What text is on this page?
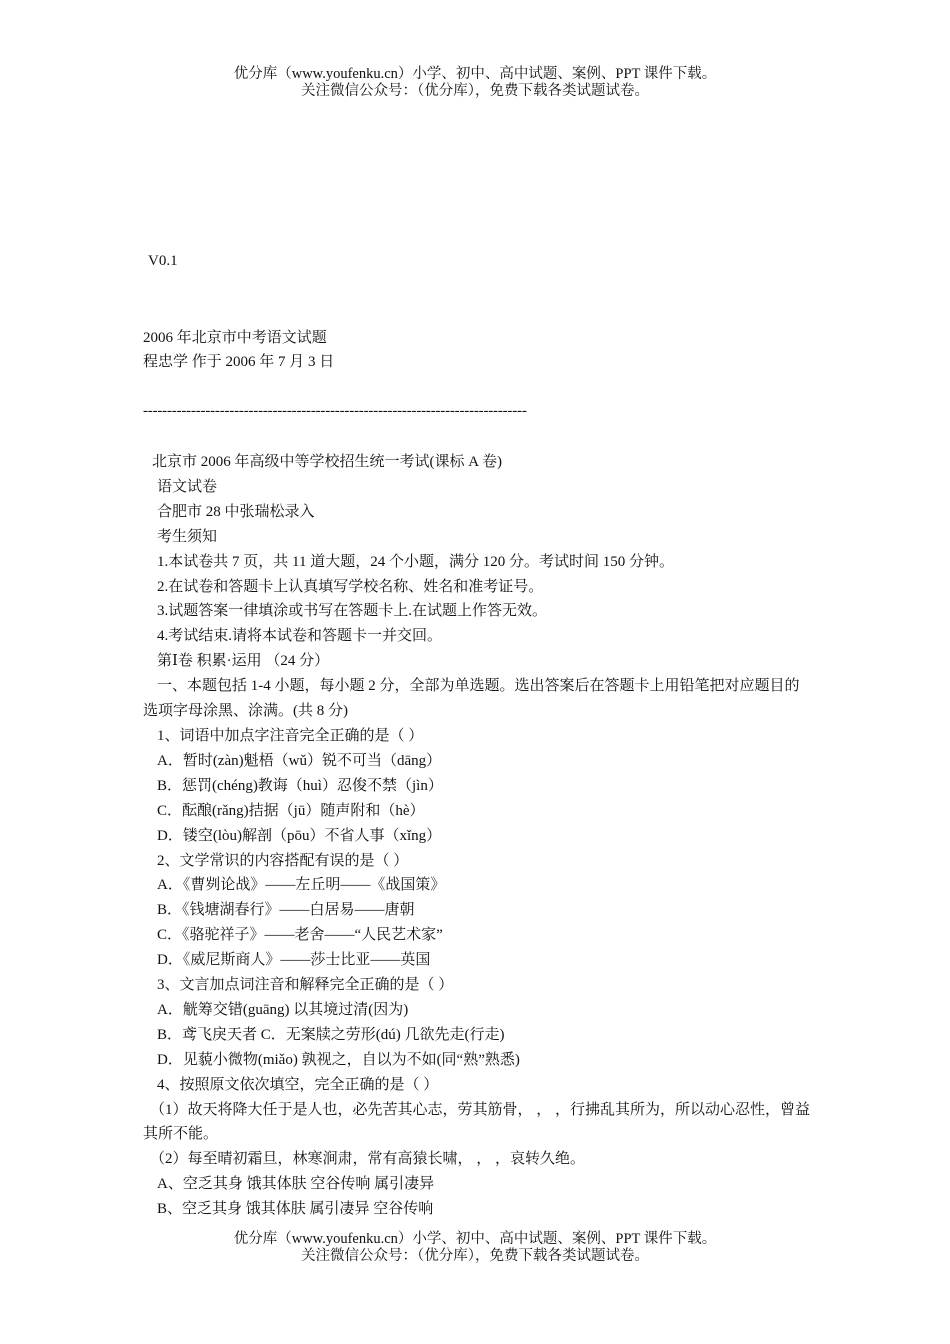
优分库（www.youfenku.cn）小学、初中、高中试题、案例、PPT 课件下载。
关注微信公众号：（优分库），免费下载各类试题试卷。
V0.1
2006 年北京市中考语文试题
程忠学 作于 2006 年 7 月 3 日
--------------------------------------------------------------------------------
北京市 2006 年高级中等学校招生统一考试(课标 A 卷)
语文试卷
合肥市 28 中张瑞松录入
考生须知
1.本试卷共 7 页，共 11 道大题，24 个小题，满分 120 分。考试时间 150 分钟。
2.在试卷和答题卡上认真填写学校名称、姓名和准考证号。
3.试题答案一律填涂或书写在答题卡上.在试题上作答无效。
4.考试结束.请将本试卷和答题卡一并交回。
第Ⅰ卷 积累·运用 （24 分）
一、本题包括 1-4 小题，每小题 2 分，全部为单选题。选出答案后在答题卡上用铅笔把对应题目的选项字母涂黑、涂满。(共 8 分)
1、词语中加点字注音完全正确的是（ ）
A．暂时(zàn)魁梧（wǔ）锐不可当（dāng）
B．惩罚(chéng)教诲（huì）忍俊不禁（jìn）
C．酝酿(rǎng)拮据（jū）随声附和（hè）
D．镂空(lòu)解剖（pōu）不省人事（xǐng）
2、文学常识的内容搭配有误的是（ ）
A．《曹刿论战》——左丘明——《战国策》
B．《钱塘湖春行》——白居易——唐朝
C．《骆驼祥子》——老舍——“人民艺术家”
D．《威尼斯商人》——莎士比亚——英国
3、文言加点词注音和解释完全正确的是（ ）
A．觥筹交错(guāng) 以其境过清(因为)
B．鸢飞戾天者 C．无案牍之劳形(dú) 几欲先走(行走)
D．见藐小微物(miǎo) 孰视之，自以为不如(同“熟”熟悉)
4、按照原文依次填空，完全正确的是（ ）
（1）故天将降大任于是人也，必先苦其心志，劳其筋骨， ， ，行拂乱其所为，所以动心忍性，曾益其所不能。
（2）每至晴初霜旦，林寒涧肃，常有高猿长啸， ， ，哀转久绝。
A、空乏其身 饿其体肤 空谷传响 属引凄异
B、空乏其身 饿其体肤 属引凄异 空谷传响
优分库（www.youfenku.cn）小学、初中、高中试题、案例、PPT 课件下载。
关注微信公众号：（优分库），免费下载各类试题试卷。
